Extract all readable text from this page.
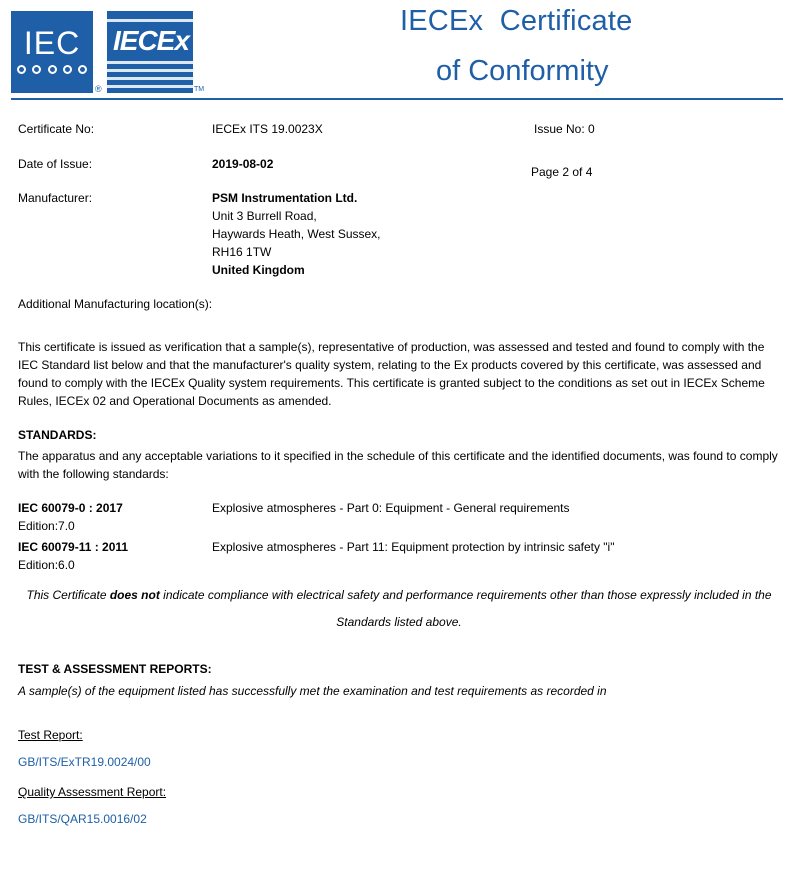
IEC
®
IECEx
TM
IECEx  Certificate
of Conformity
Certificate No:	IECEx ITS 19.0023X	Issue No: 0
Date of Issue:	2019-08-02
Page 2 of 4
Manufacturer:	PSM Instrumentation Ltd.
Unit 3 Burrell Road,
Haywards Heath, West Sussex,
RH16 1TW
United Kingdom
Additional Manufacturing location(s):
This certificate is issued as verification that a sample(s), representative of production, was assessed and tested and found to comply with the
IEC Standard list below and that the manufacturer's quality system, relating to the Ex products covered by this certificate, was assessed and
found to comply with the IECEx Quality system requirements. This certificate is granted subject to the conditions as set out in IECEx Scheme
Rules, IECEx 02 and Operational Documents as amended.
STANDARDS:
The apparatus and any acceptable variations to it specified in the schedule of this certificate and the identified documents, was found to comply
with the following standards:
IEC 60079-0 : 2017	Explosive atmospheres - Part 0: Equipment - General requirements
Edition:7.0
IEC 60079-11 : 2011	Explosive atmospheres - Part 11: Equipment protection by intrinsic safety "i"
Edition:6.0
This Certificate does not indicate compliance with electrical safety and performance requirements other than those expressly included in the
Standards listed above.
TEST & ASSESSMENT REPORTS:
A sample(s) of the equipment listed has successfully met the examination and test requirements as recorded in
Test Report:
GB/ITS/ExTR19.0024/00
Quality Assessment Report:
GB/ITS/QAR15.0016/02
